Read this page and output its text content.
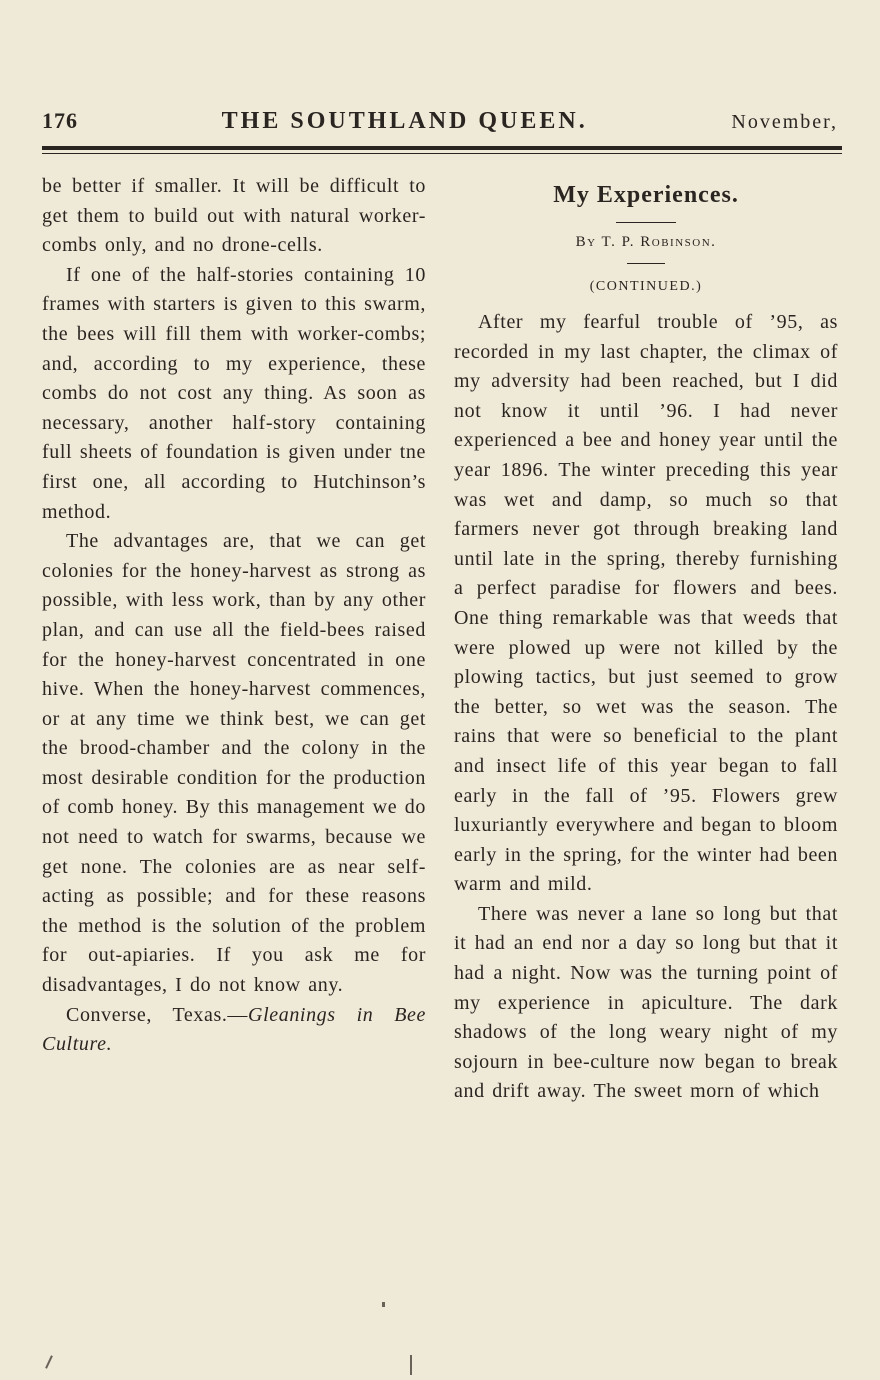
176	THE SOUTHLAND QUEEN.	November,

be better if smaller. It will be difficult to get them to build out with natural worker-combs only, and no drone-cells.

If one of the half-stories containing 10 frames with starters is given to this swarm, the bees will fill them with worker-combs; and, according to my experience, these combs do not cost any thing. As soon as necessary, another half-story containing full sheets of foundation is given under tne first one, all according to Hutchinson’s method.

The advantages are, that we can get colonies for the honey-harvest as strong as possible, with less work, than by any other plan, and can use all the field-bees raised for the honey-harvest concentrated in one hive. When the honey-harvest commences, or at any time we think best, we can get the brood-chamber and the colony in the most desirable condition for the production of comb honey. By this management we do not need to watch for swarms, because we get none. The colonies are as near self-acting as possible; and for these reasons the method is the solution of the problem for out-apiaries. If you ask me for disadvantages, I do not know any.

Converse, Texas.—Gleanings in Bee Culture.

My Experiences.
By T. P. Robinson.
(CONTINUED.)

After my fearful trouble of ’95, as recorded in my last chapter, the climax of my adversity had been reached, but I did not know it until ’96. I had never experienced a bee and honey year until the year 1896. The winter preceding this year was wet and damp, so much so that farmers never got through breaking land until late in the spring, thereby furnishing a perfect paradise for flowers and bees. One thing remarkable was that weeds that were plowed up were not killed by the plowing tactics, but just seemed to grow the better, so wet was the season. The rains that were so beneficial to the plant and insect life of this year began to fall early in the fall of ’95. Flowers grew luxuriantly everywhere and began to bloom early in the spring, for the winter had been warm and mild.

There was never a lane so long but that it had an end nor a day so long but that it had a night. Now was the turning point of my experience in apiculture. The dark shadows of the long weary night of my sojourn in bee-culture now began to break and drift away. The sweet morn of which
